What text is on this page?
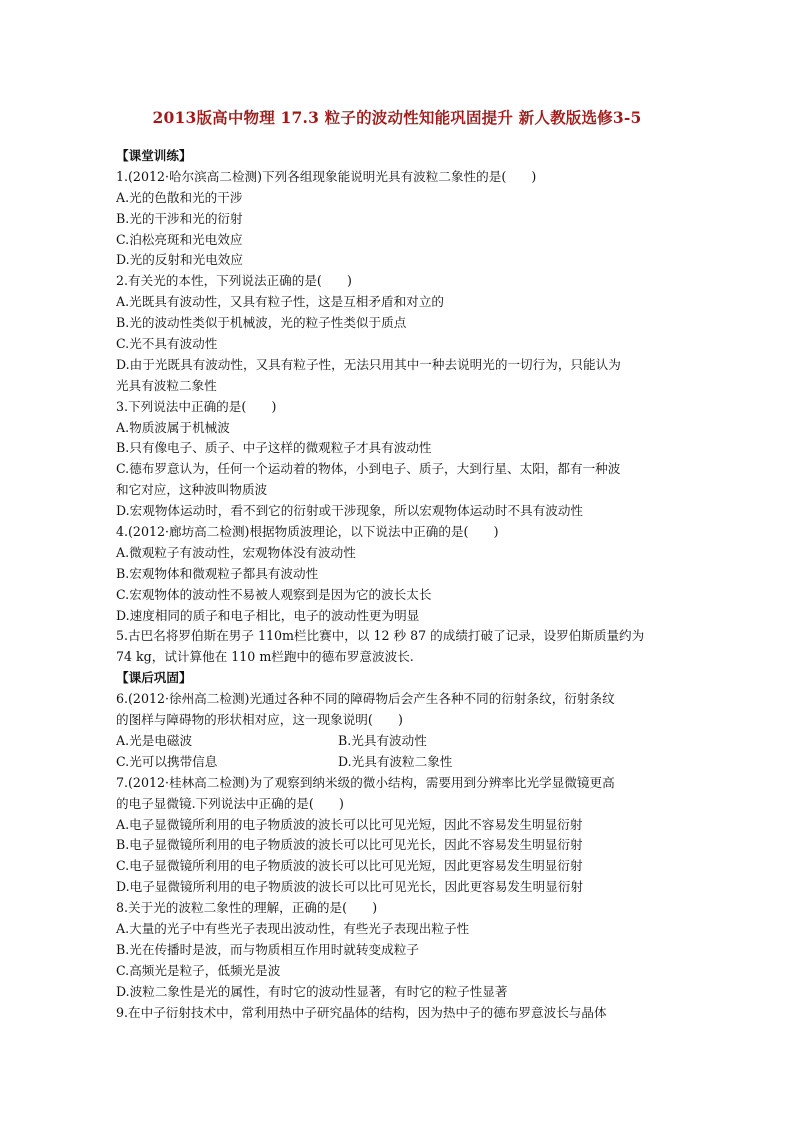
2013版高中物理 17.3 粒子的波动性知能巩固提升 新人教版选修3-5
【课堂训练】
1.(2012·哈尔滨高二检测)下列各组现象能说明光具有波粒二象性的是(　　)
A.光的色散和光的干涉
B.光的干涉和光的衍射
C.泊松亮斑和光电效应
D.光的反射和光电效应
2.有关光的本性，下列说法正确的是(　　)
A.光既具有波动性，又具有粒子性，这是互相矛盾和对立的
B.光的波动性类似于机械波，光的粒子性类似于质点
C.光不具有波动性
D.由于光既具有波动性，又具有粒子性，无法只用其中一种去说明光的一切行为，只能认为
光具有波粒二象性
3.下列说法中正确的是(　　)
A.物质波属于机械波
B.只有像电子、质子、中子这样的微观粒子才具有波动性
C.德布罗意认为，任何一个运动着的物体，小到电子、质子，大到行星、太阳，都有一种波
和它对应，这种波叫物质波
D.宏观物体运动时，看不到它的衍射或干涉现象，所以宏观物体运动时不具有波动性
4.(2012·廊坊高二检测)根据物质波理论，以下说法中正确的是(　　)
A.微观粒子有波动性，宏观物体没有波动性
B.宏观物体和微观粒子都具有波动性
C.宏观物体的波动性不易被人观察到是因为它的波长太长
D.速度相同的质子和电子相比，电子的波动性更为明显
5.古巴名将罗伯斯在男子 110m栏比赛中，以 12 秒 87 的成绩打破了记录，设罗伯斯质量约为
74 kg，试计算他在 110 m栏跑中的德布罗意波波长.
【课后巩固】
6.(2012·徐州高二检测)光通过各种不同的障碍物后会产生各种不同的衍射条纹，衍射条纹
的图样与障碍物的形状相对应，这一现象说明(　　)
A.光是电磁波	B.光具有波动性
C.光可以携带信息	D.光具有波粒二象性
7.(2012·桂林高二检测)为了观察到纳米级的微小结构，需要用到分辨率比光学显微镜更高
的电子显微镜.下列说法中正确的是(　　)
A.电子显微镜所利用的电子物质波的波长可以比可见光短，因此不容易发生明显衍射
B.电子显微镜所利用的电子物质波的波长可以比可见光长，因此不容易发生明显衍射
C.电子显微镜所利用的电子物质波的波长可以比可见光短，因此更容易发生明显衍射
D.电子显微镜所利用的电子物质波的波长可以比可见光长，因此更容易发生明显衍射
8.关于光的波粒二象性的理解，正确的是(　　)
A.大量的光子中有些光子表现出波动性，有些光子表现出粒子性
B.光在传播时是波，而与物质相互作用时就转变成粒子
C.高频光是粒子，低频光是波
D.波粒二象性是光的属性，有时它的波动性显著，有时它的粒子性显著
9.在中子衍射技术中，常利用热中子研究晶体的结构，因为热中子的德布罗意波长与晶体
